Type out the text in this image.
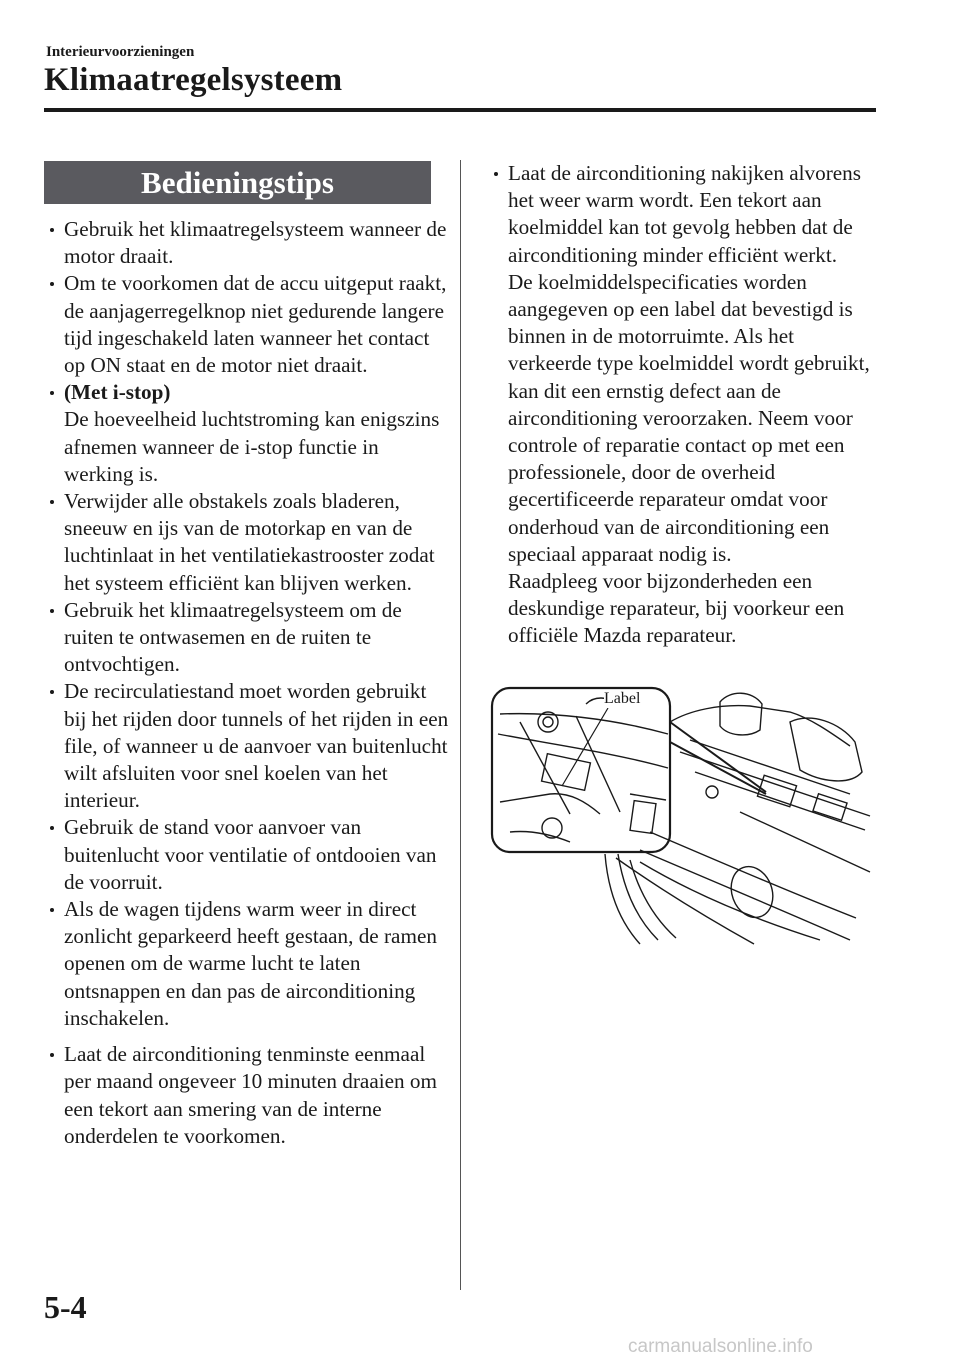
Interieurvoorzieningen
Klimaatregelsysteem
Bedieningstips

Gebruik het klimaatregelsysteem wanneer de motor draait.

Om te voorkomen dat de accu uitgeput raakt, de aanjagerregelknop niet gedurende langere tijd ingeschakeld laten wanneer het contact op ON staat en de motor niet draait.

(Met i-stop)
De hoeveelheid luchtstroming kan enigszins afnemen wanneer de i-stop functie in werking is.

Verwijder alle obstakels zoals bladeren, sneeuw en ijs van de motorkap en van de luchtinlaat in het ventilatiekastrooster zodat het systeem efficiënt kan blijven werken.

Gebruik het klimaatregelsysteem om de ruiten te ontwasemen en de ruiten te ontvochtigen.

De recirculatiestand moet worden gebruikt bij het rijden door tunnels of het rijden in een file, of wanneer u de aanvoer van buitenlucht wilt afsluiten voor snel koelen van het interieur.

Gebruik de stand voor aanvoer van buitenlucht voor ventilatie of ontdooien van de voorruit.

Als de wagen tijdens warm weer in direct zonlicht geparkeerd heeft gestaan, de ramen openen om de warme lucht te laten ontsnappen en dan pas de airconditioning inschakelen.

Laat de airconditioning tenminste eenmaal per maand ongeveer 10 minuten draaien om een tekort aan smering van de interne onderdelen te voorkomen.

Laat de airconditioning nakijken alvorens het weer warm wordt. Een tekort aan koelmiddel kan tot gevolg hebben dat de airconditioning minder efficiënt werkt.
De koelmiddelspecificaties worden aangegeven op een label dat bevestigd is binnen in de motorruimte. Als het verkeerde type koelmiddel wordt gebruikt, kan dit een ernstig defect aan de airconditioning veroorzaken. Neem voor controle of reparatie contact op met een professionele, door de overheid gecertificeerde reparateur omdat voor onderhoud van de airconditioning een speciaal apparaat nodig is.
Raadpleeg voor bijzonderheden een deskundige reparateur, bij voorkeur een officiële Mazda reparateur.
Label
5-4
carmanualsonline.info
